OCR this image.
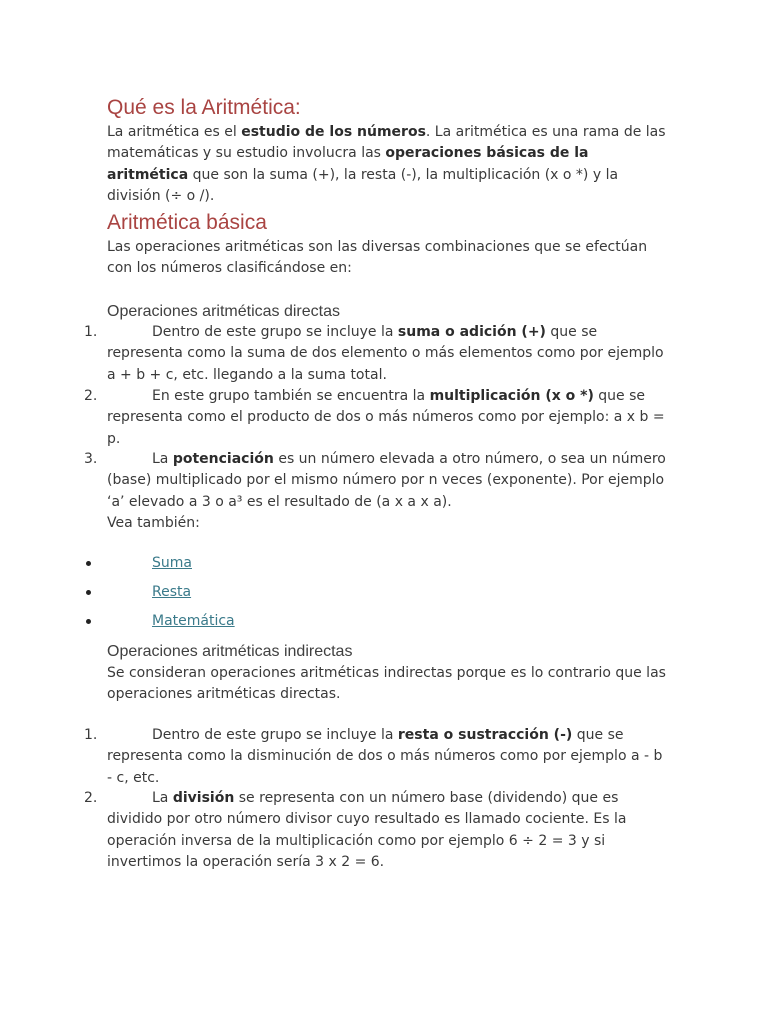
Qué es la Aritmética:

La aritmética es el estudio de los números. La aritmética es una rama de las matemáticas y su estudio involucra las operaciones básicas de la aritmética que son la suma (+), la resta (-), la multiplicación (x o *) y la división (÷ o /).

Aritmética básica

Las operaciones aritméticas son las diversas combinaciones que se efectúan con los números clasificándose en:

Operaciones aritméticas directas
1.	Dentro de este grupo se incluye la suma o adición (+) que se representa como la suma de dos elemento o más elementos como por ejemplo a + b + c, etc. llegando a la suma total.

2.	En este grupo también se encuentra la multiplicación (x o *) que se representa como el producto de dos o más números como por ejemplo: a x b = p.

3.	La potenciación es un número elevada a otro número, o sea un número (base) multiplicado por el mismo número por n veces (exponente). Por ejemplo ‘a’ elevado a 3 o a³ es el resultado de (a x a x a).

Vea también:

Suma
Resta
Matemática
Operaciones aritméticas indirectas

Se consideran operaciones aritméticas indirectas porque es lo contrario que las operaciones aritméticas directas.

1.	Dentro de este grupo se incluye la resta o sustracción (-) que se representa como la disminución de dos o más números como por ejemplo a - b - c, etc.

2.	La división se representa con un número base (dividendo) que es dividido por otro número divisor cuyo resultado es llamado cociente. Es la operación inversa de la multiplicación como por ejemplo 6 ÷ 2 = 3 y si invertimos la operación sería 3 x 2 = 6.
